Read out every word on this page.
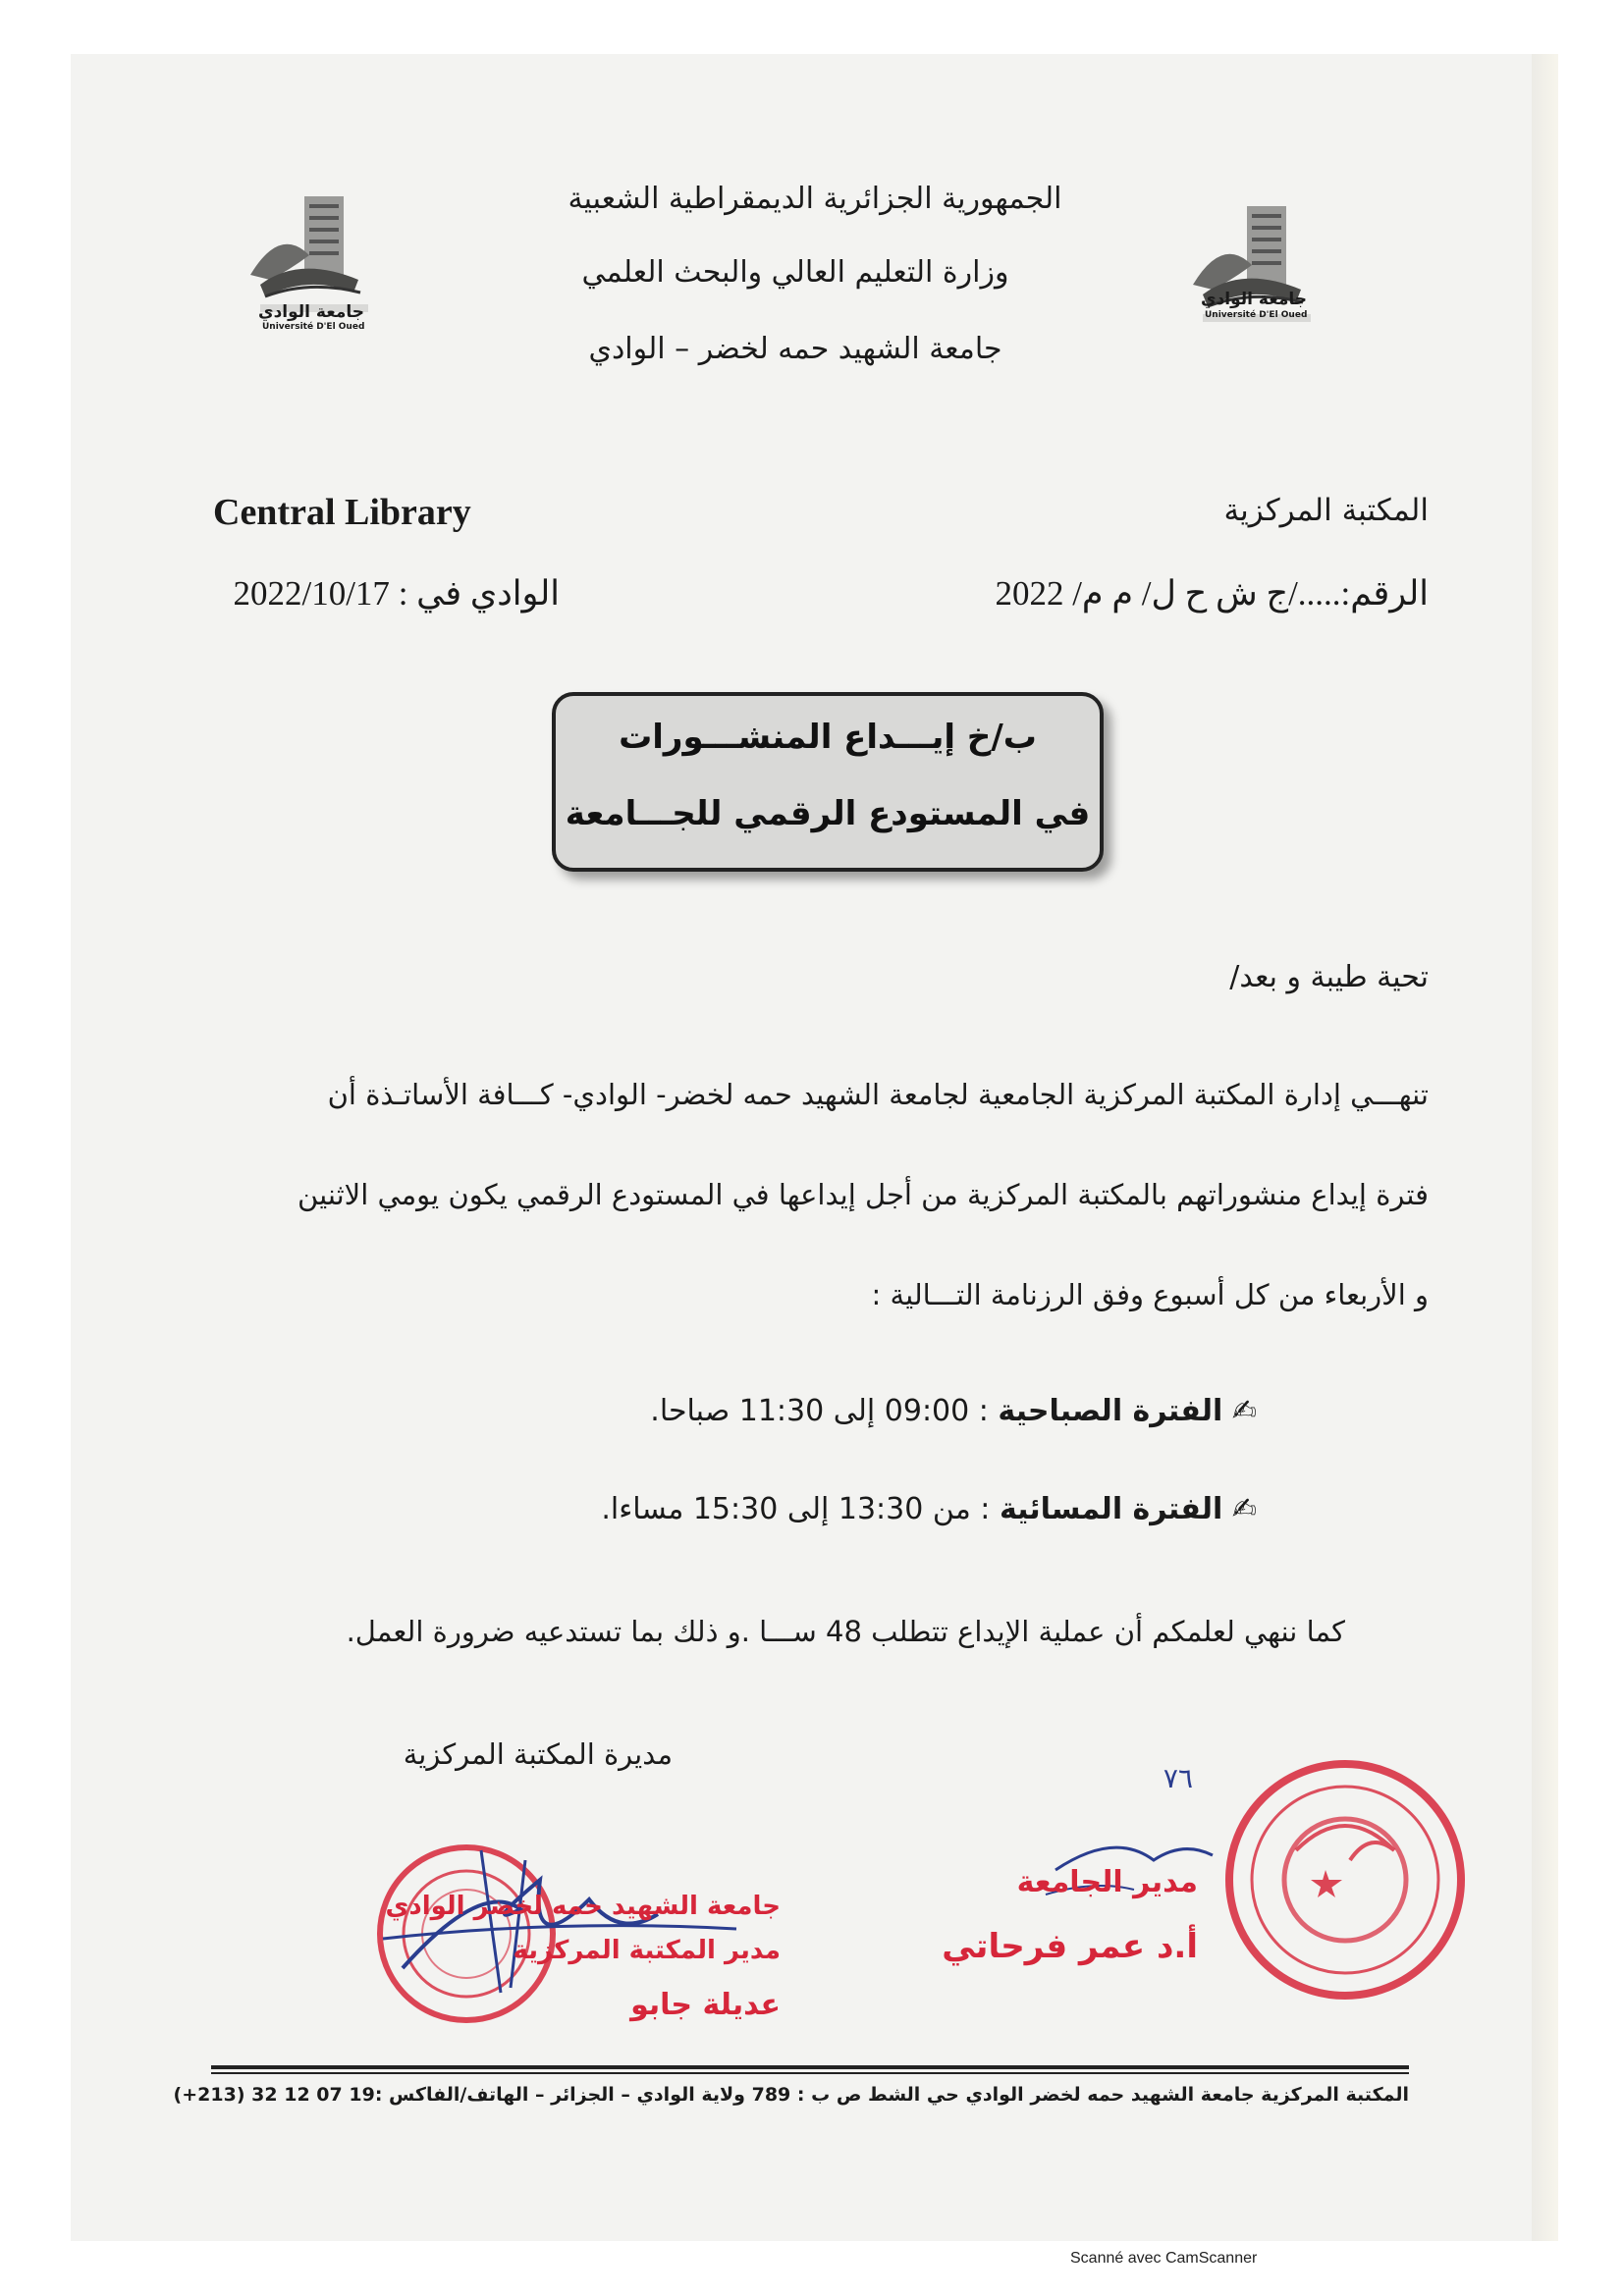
جامعة الوادي
Université D'El Oued
جامعة الوادي
Université D'El Oued
الجمهورية الجزائرية الديمقراطية الشعبية
وزارة التعليم العالي والبحث العلمي
جامعة الشهيد حمه لخضر – الوادي
Central Library	المكتبة المركزية
الوادي في : 2022/10/17	الرقم:...../ج ش ح ل/ م م/ 2022
ب/خ إيـــداع المنشـــورات
في المستودع الرقمي للجـــامعة
تحية طيبة و بعد/
تنهـــي إدارة المكتبة المركزية الجامعية لجامعة الشهيد حمه لخضر- الوادي- كـــافة الأساتـذة أن
فترة إيداع منشوراتهم بالمكتبة المركزية من أجل إيداعها في المستودع الرقمي يكون يومي الاثنين
و الأربعاء من كل أسبوع وفق الرزنامة التـــالية :
✍ الفترة الصباحية : 09:00 إلى 11:30 صباحا.
✍ الفترة المسائية : من 13:30 إلى 15:30 مساءا.
كما ننهي لعلمكم أن عملية الإيداع تتطلب 48 ســـا .و ذلك بما تستدعيه ضرورة العمل.
مديرة المكتبة المركزية
جامعة الشهيد حمه لخضر الوادي
مدير المكتبة المركزية
عديلة جابو
٧٦
مدير الجامعة
أ.د عمر فرحاتي
المكتبة المركزية جامعة الشهيد حمه لخضر الوادي حي الشط ص ب : 789 ولاية الوادي – الجزائر – الهاتف/الفاكس :19 07 12 32 (213+)
Scanné avec CamScanner
